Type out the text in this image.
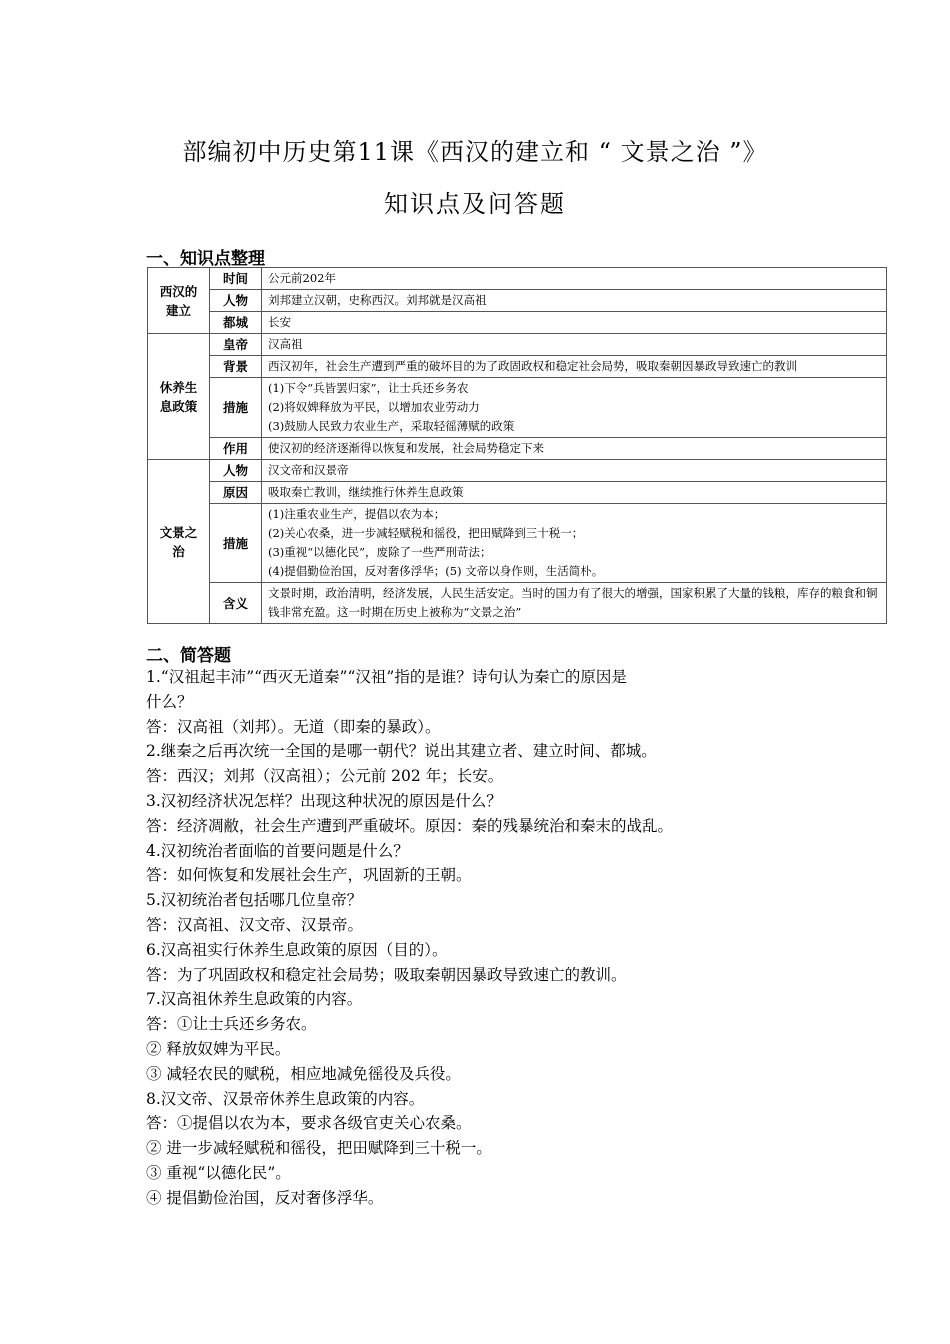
部编初中历史第11课《西汉的建立和 “ 文景之治 ”》
知识点及问答题
一、知识点整理
西汉的建立	时间	公元前202年
	人物	刘邦建立汉朝，史称西汉。刘邦就是汉高祖
	都城	长安
休养生息政策	皇帝	汉高祖
	背景	西汉初年，社会生产遭到严重的破坏目的为了政固政权和稳定社会局势，吸取秦朝因暴政导致速亡的教训
	措施	(1)下令“兵皆罢归家”，让士兵还乡务农
(2)将奴婢释放为平民，以增加农业劳动力
(3)鼓励人民致力农业生产，采取轻徭薄赋的政策

	作用	使汉初的经济逐渐得以恢复和发展，社会局势稳定下来
文景之治	人物	汉文帝和汉景帝
	原因	吸取秦亡教训，继续推行休养生息政策
	措施	(1)注重农业生产，提倡以农为本；
(2)关心农桑，进一步减轻赋税和徭役，把田赋降到三十税一；
(3)重视“以德化民”，废除了一些严刑苛法；
(4)提倡勤俭治国，反对奢侈浮华；(5) 文帝以身作则，生活简朴。

	含义	文景时期，政治清明，经济发展，人民生活安定。当时的国力有了很大的增强，国家积累了大量的钱粮，库存的粮食和铜钱非常充盈。这一时期在历史上被称为“文景之治”
二、简答题

1.“汉祖起丰沛”“西灭无道秦”“汉祖”指的是谁？诗句认为秦亡的原因是

什么？

答：汉高祖（刘邦）。无道（即秦的暴政）。

2.继秦之后再次统一全国的是哪一朝代？说出其建立者、建立时间、都城。

答：西汉；刘邦（汉高祖）；公元前 202 年；长安。

3.汉初经济状况怎样？出现这种状况的原因是什么？

答：经济凋敝，社会生产遭到严重破坏。原因：秦的残暴统治和秦末的战乱。

4.汉初统治者面临的首要问题是什么？

答：如何恢复和发展社会生产，巩固新的王朝。

5.汉初统治者包括哪几位皇帝？

答：汉高祖、汉文帝、汉景帝。

6.汉高祖实行休养生息政策的原因（目的）。

答：为了巩固政权和稳定社会局势；吸取秦朝因暴政导致速亡的教训。

7.汉高祖休养生息政策的内容。

答：①让士兵还乡务农。

② 释放奴婢为平民。

③ 减轻农民的赋税，相应地减免徭役及兵役。

8.汉文帝、汉景帝休养生息政策的内容。

答：①提倡以农为本，要求各级官吏关心农桑。

② 进一步减轻赋税和徭役，把田赋降到三十税一。

③ 重视“以德化民”。

④ 提倡勤俭治国，反对奢侈浮华。
